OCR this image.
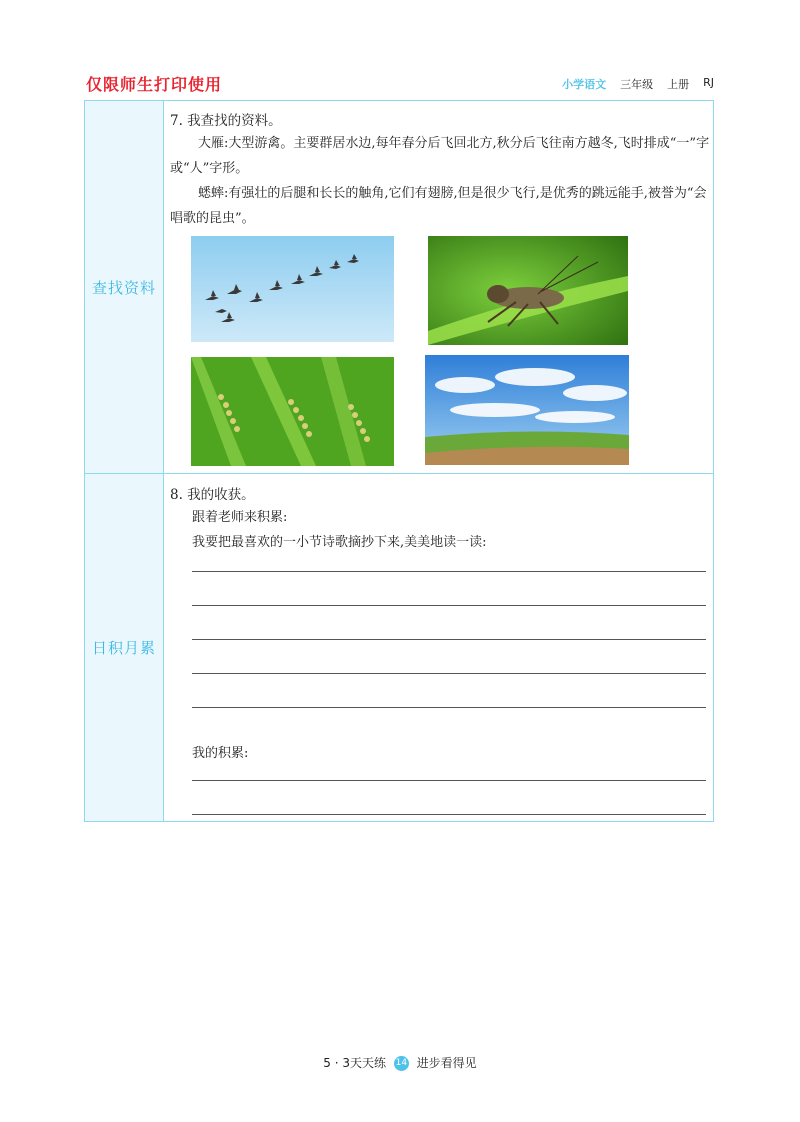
仅限师生打印使用	小学语文 三年级 上册 RJ
查找资料
7. 我查找的资料。
大雁:大型游禽。主要群居水边,每年春分后飞回北方,秋分后飞往南方越冬,飞时排成“一”字或“人”字形。
蟋蟀:有强壮的后腿和长长的触角,它们有翅膀,但是很少飞行,是优秀的跳远能手,被誉为“会唱歌的昆虫”。
日积月累
8. 我的收获。
跟着老师来积累:
我要把最喜欢的一小节诗歌摘抄下来,美美地读一读:
我的积累:
5 · 3天天练 14 进步看得见
